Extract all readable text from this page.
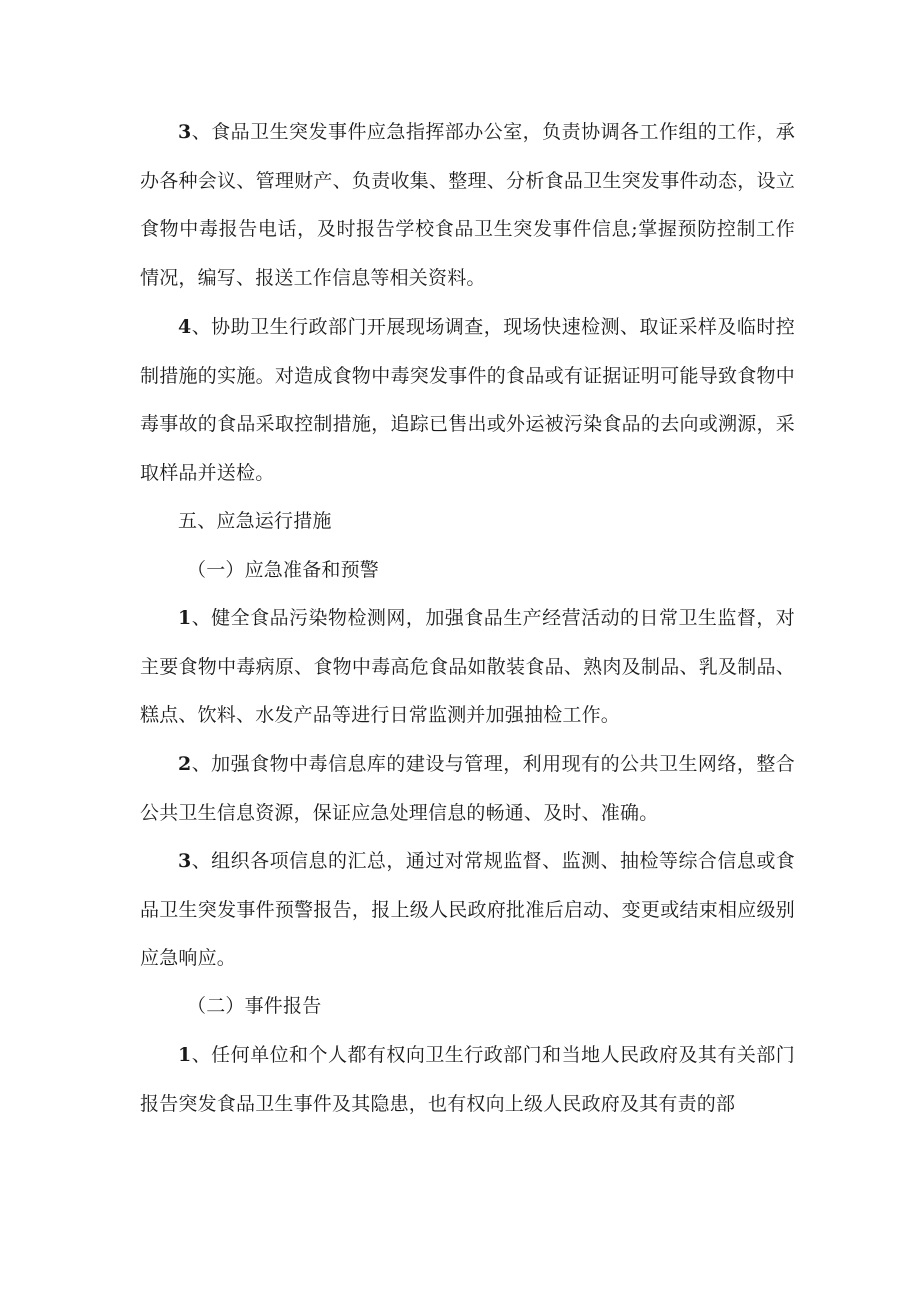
3、食品卫生突发事件应急指挥部办公室，负责协调各工作组的工作，承办各种会议、管理财产、负责收集、整理、分析食品卫生突发事件动态，设立食物中毒报告电话，及时报告学校食品卫生突发事件信息;掌握预防控制工作情况，编写、报送工作信息等相关资料。

4、协助卫生行政部门开展现场调查，现场快速检测、取证采样及临时控制措施的实施。对造成食物中毒突发事件的食品或有证据证明可能导致食物中毒事故的食品采取控制措施，追踪已售出或外运被污染食品的去向或溯源，采取样品并送检。

五、应急运行措施

（一）应急准备和预警

1、健全食品污染物检测网，加强食品生产经营活动的日常卫生监督，对主要食物中毒病原、食物中毒高危食品如散装食品、熟肉及制品、乳及制品、糕点、饮料、水发产品等进行日常监测并加强抽检工作。

2、加强食物中毒信息库的建设与管理，利用现有的公共卫生网络，整合公共卫生信息资源，保证应急处理信息的畅通、及时、准确。

3、组织各项信息的汇总，通过对常规监督、监测、抽检等综合信息或食品卫生突发事件预警报告，报上级人民政府批准后启动、变更或结束相应级别应急响应。

（二）事件报告

1、任何单位和个人都有权向卫生行政部门和当地人民政府及其有关部门报告突发食品卫生事件及其隐患，也有权向上级人民政府及其有责的部
